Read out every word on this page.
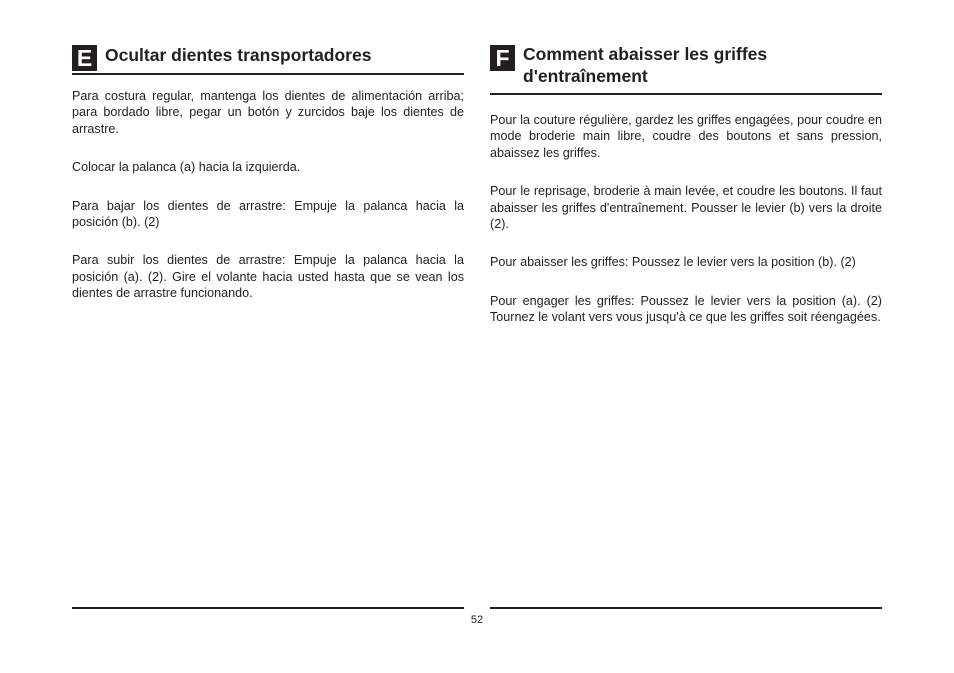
E Ocultar dientes transportadores

Para costura regular, mantenga los dientes de alimentación arriba; para bordado libre, pegar un botón y zurcidos baje los dientes de arrastre.

Colocar la palanca (a) hacia la izquierda.

Para bajar los dientes de arrastre: Empuje la palanca hacia la posición (b). (2)

Para subir los dientes de arrastre: Empuje la palanca hacia la posición (a). (2). Gire el volante hacia usted hasta que se vean los dientes de arrastre funcionando.

F Comment abaisser les griffes d'entraînement

Pour la couture régulière, gardez les griffes engagées, pour coudre en mode broderie main libre, coudre des boutons et sans pression, abaissez les griffes.

Pour le reprisage, broderie à main levée, et coudre les boutons. Il faut abaisser les griffes d'entraînement. Pousser le levier (b) vers la droite (2).

Pour abaisser les griffes: Poussez le levier vers la position (b). (2)

Pour engager les griffes: Poussez le levier vers la position (a). (2) Tournez le volant vers vous jusqu'à ce que les griffes soit réengagées.

52
